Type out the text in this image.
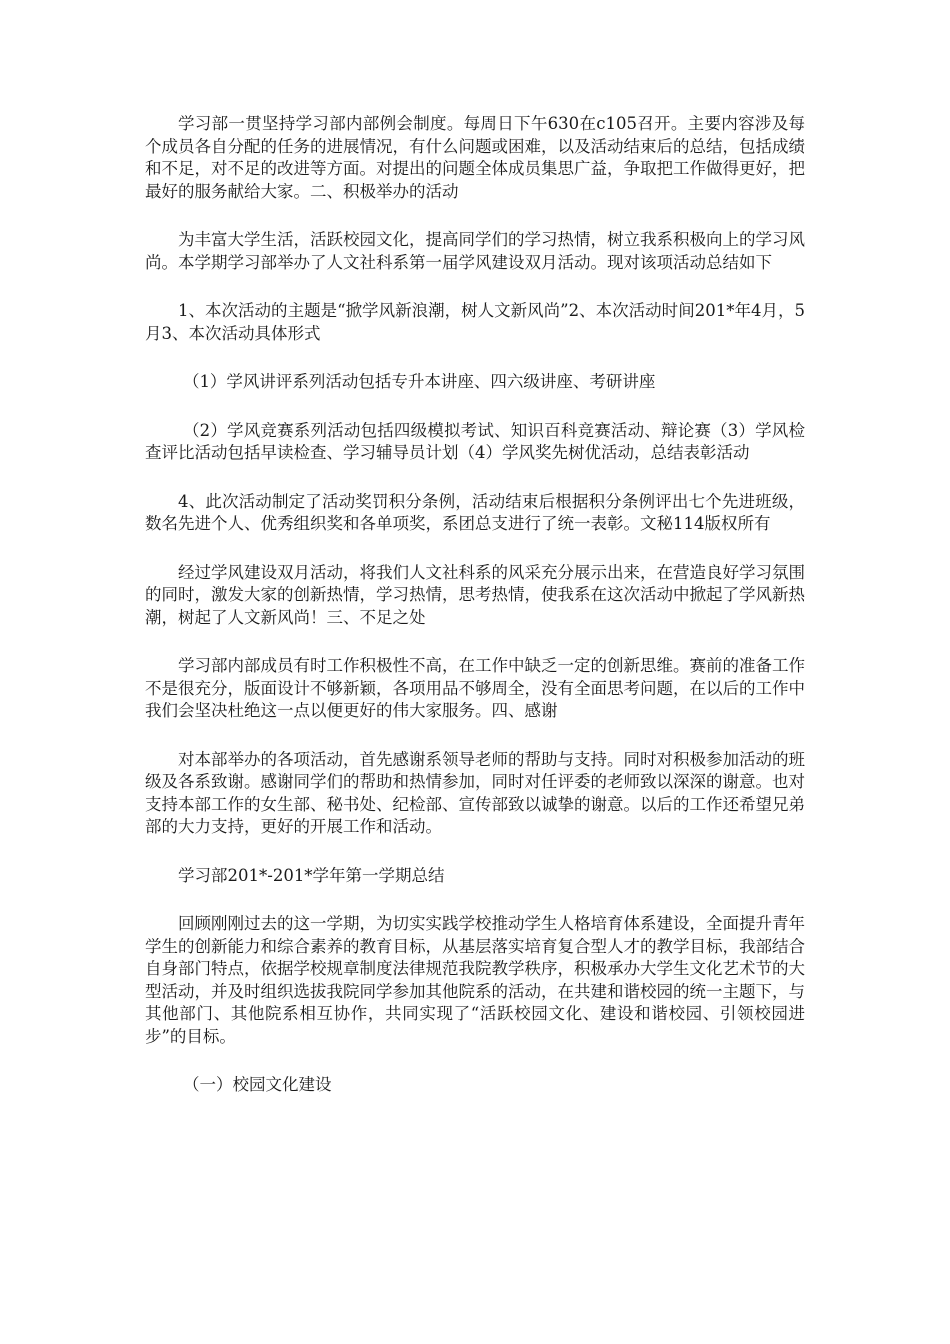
学习部一贯坚持学习部内部例会制度。每周日下午630在c105召开。主要内容涉及每个成员各自分配的任务的进展情况，有什么问题或困难，以及活动结束后的总结，包括成绩和不足，对不足的改进等方面。对提出的问题全体成员集思广益，争取把工作做得更好，把最好的服务献给大家。二、积极举办的活动

为丰富大学生活，活跃校园文化，提高同学们的学习热情，树立我系积极向上的学习风尚。本学期学习部举办了人文社科系第一届学风建设双月活动。现对该项活动总结如下

1、本次活动的主题是“掀学风新浪潮，树人文新风尚”2、本次活动时间201*年4月，5月3、本次活动具体形式

（1）学风讲评系列活动包括专升本讲座、四六级讲座、考研讲座

（2）学风竞赛系列活动包括四级模拟考试、知识百科竞赛活动、辩论赛（3）学风检查评比活动包括早读检查、学习辅导员计划（4）学风奖先树优活动，总结表彰活动

4、此次活动制定了活动奖罚积分条例，活动结束后根据积分条例评出七个先进班级，数名先进个人、优秀组织奖和各单项奖，系团总支进行了统一表彰。文秘114版权所有

经过学风建设双月活动，将我们人文社科系的风采充分展示出来，在营造良好学习氛围的同时，激发大家的创新热情，学习热情，思考热情，使我系在这次活动中掀起了学风新热潮，树起了人文新风尚！三、不足之处

学习部内部成员有时工作积极性不高，在工作中缺乏一定的创新思维。赛前的准备工作不是很充分，版面设计不够新颖，各项用品不够周全，没有全面思考问题，在以后的工作中我们会坚决杜绝这一点以便更好的伟大家服务。四、感谢

对本部举办的各项活动，首先感谢系领导老师的帮助与支持。同时对积极参加活动的班级及各系致谢。感谢同学们的帮助和热情参加，同时对任评委的老师致以深深的谢意。也对支持本部工作的女生部、秘书处、纪检部、宣传部致以诚挚的谢意。以后的工作还希望兄弟部的大力支持，更好的开展工作和活动。

学习部201*-201*学年第一学期总结

回顾刚刚过去的这一学期，为切实实践学校推动学生人格培育体系建设，全面提升青年学生的创新能力和综合素养的教育目标，从基层落实培育复合型人才的教学目标，我部结合自身部门特点，依据学校规章制度法律规范我院教学秩序，积极承办大学生文化艺术节的大型活动，并及时组织选拔我院同学参加其他院系的活动，在共建和谐校园的统一主题下，与其他部门、其他院系相互协作，共同实现了“活跃校园文化、建设和谐校园、引领校园进步”的目标。

（一）校园文化建设
